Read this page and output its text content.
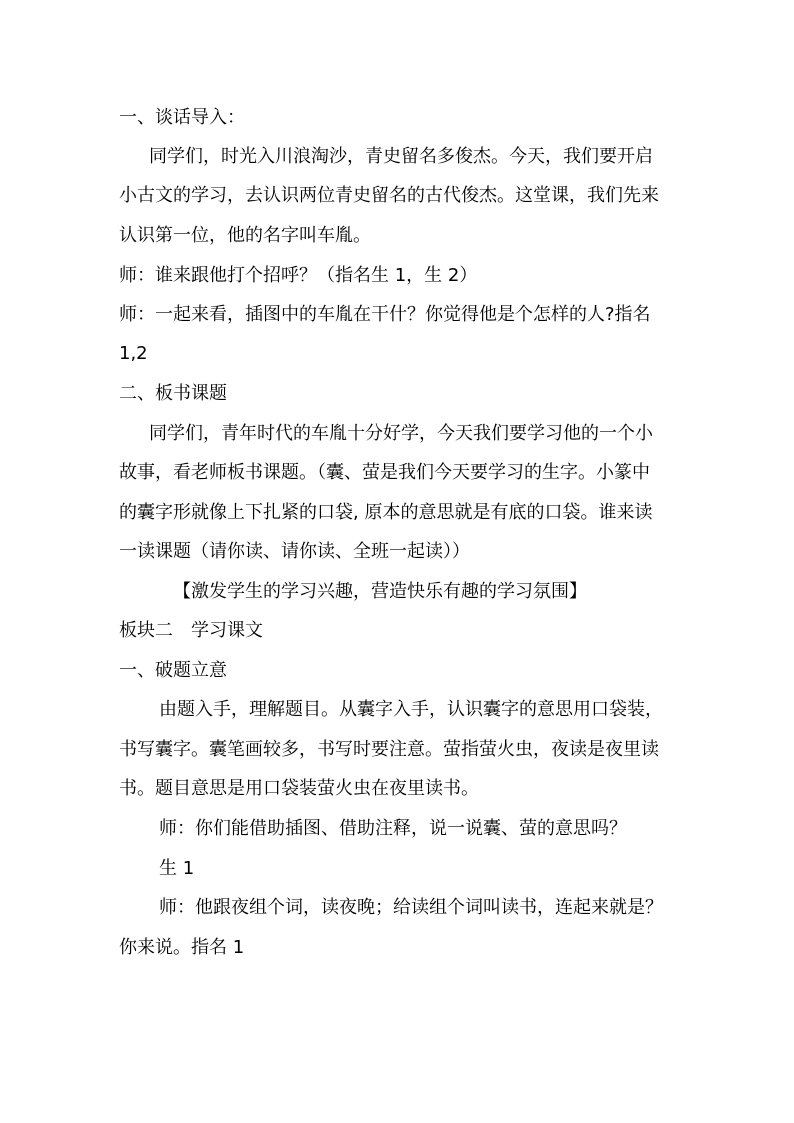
一、谈话导入：
同学们，时光入川浪淘沙，青史留名多俊杰。今天，我们要开启
小古文的学习，去认识两位青史留名的古代俊杰。这堂课，我们先来
认识第一位，他的名字叫车胤。
师：谁来跟他打个招呼？（指名生 1，生 2）
师：一起来看，插图中的车胤在干什？你觉得他是个怎样的人?指名
1,2
二、板书课题
同学们，青年时代的车胤十分好学，今天我们要学习他的一个小
故事，看老师板书课题。（囊、萤是我们今天要学习的生字。小篆中
的囊字形就像上下扎紧的口袋, 原本的意思就是有底的口袋。谁来读
一读课题（请你读、请你读、全班一起读））
【激发学生的学习兴趣，营造快乐有趣的学习氛围】
板块二　学习课文
一、破题立意
由题入手，理解题目。从囊字入手，认识囊字的意思用口袋装，
书写囊字。囊笔画较多，书写时要注意。萤指萤火虫，夜读是夜里读
书。题目意思是用口袋装萤火虫在夜里读书。
师：你们能借助插图、借助注释，说一说囊、萤的意思吗？
生 1
师：他跟夜组个词，读夜晚；给读组个词叫读书，连起来就是？
你来说。指名 1
